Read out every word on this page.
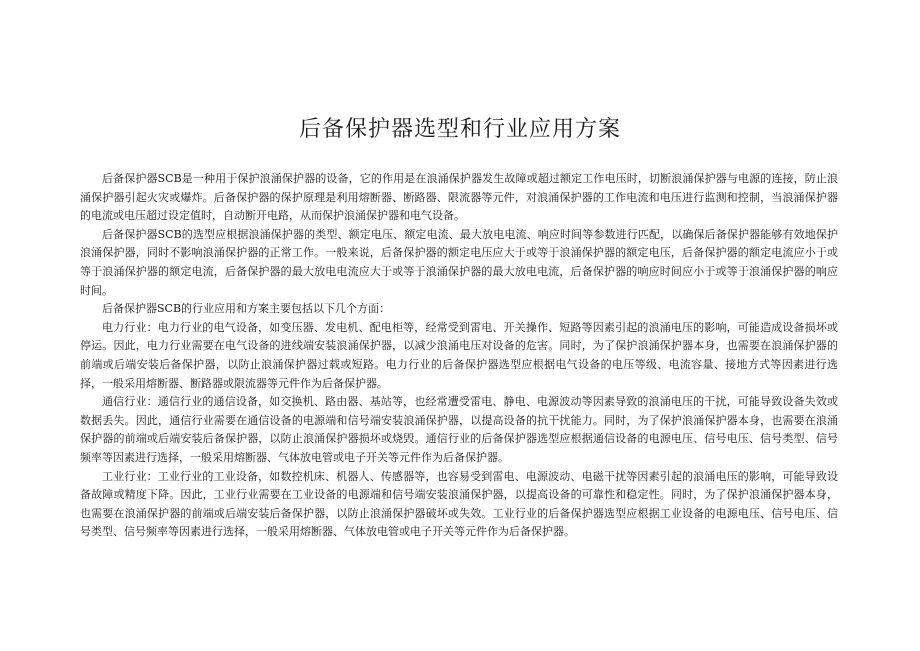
后备保护器选型和行业应用方案

后备保护器SCB是一种用于保护浪涌保护器的设备，它的作用是在浪涌保护器发生故障或超过额定工作电压时，切断浪涌保护器与电源的连接，防止浪涌保护器引起火灾或爆炸。后备保护器的保护原理是利用熔断器、断路器、限流器等元件，对浪涌保护器的工作电流和电压进行监测和控制，当浪涌保护器的电流或电压超过设定值时，自动断开电路，从而保护浪涌保护器和电气设备。

后备保护器SCB的选型应根据浪涌保护器的类型、额定电压、额定电流、最大放电电流、响应时间等参数进行匹配，以确保后备保护器能够有效地保护浪涌保护器，同时不影响浪涌保护器的正常工作。一般来说，后备保护器的额定电压应大于或等于浪涌保护器的额定电压，后备保护器的额定电流应小于或等于浪涌保护器的额定电流，后备保护器的最大放电电流应大于或等于浪涌保护器的最大放电电流，后备保护器的响应时间应小于或等于浪涌保护器的响应时间。

后备保护器SCB的行业应用和方案主要包括以下几个方面：

电力行业：电力行业的电气设备，如变压器、发电机、配电柜等，经常受到雷电、开关操作、短路等因素引起的浪涌电压的影响，可能造成设备损坏或停运。因此，电力行业需要在电气设备的进线端安装浪涌保护器，以减少浪涌电压对设备的危害。同时，为了保护浪涌保护器本身，也需要在浪涌保护器的前端或后端安装后备保护器，以防止浪涌保护器过载或短路。电力行业的后备保护器选型应根据电气设备的电压等级、电流容量、接地方式等因素进行选择，一般采用熔断器、断路器或限流器等元件作为后备保护器。

通信行业：通信行业的通信设备，如交换机、路由器、基站等，也经常遭受雷电、静电、电源波动等因素导致的浪涌电压的干扰，可能导致设备失效或数据丢失。因此，通信行业需要在通信设备的电源端和信号端安装浪涌保护器，以提高设备的抗干扰能力。同时，为了保护浪涌保护器本身，也需要在浪涌保护器的前端或后端安装后备保护器，以防止浪涌保护器损坏或烧毁。通信行业的后备保护器选型应根据通信设备的电源电压、信号电压、信号类型、信号频率等因素进行选择，一般采用熔断器、气体放电管或电子开关等元件作为后备保护器。

工业行业：工业行业的工业设备，如数控机床、机器人、传感器等，也容易受到雷电、电源波动、电磁干扰等因素引起的浪涌电压的影响，可能导致设备故障或精度下降。因此，工业行业需要在工业设备的电源端和信号端安装浪涌保护器，以提高设备的可靠性和稳定性。同时，为了保护浪涌保护器本身，也需要在浪涌保护器的前端或后端安装后备保护器，以防止浪涌保护器破坏或失效。工业行业的后备保护器选型应根据工业设备的电源电压、信号电压、信号类型、信号频率等因素进行选择，一般采用熔断器、气体放电管或电子开关等元件作为后备保护器。
